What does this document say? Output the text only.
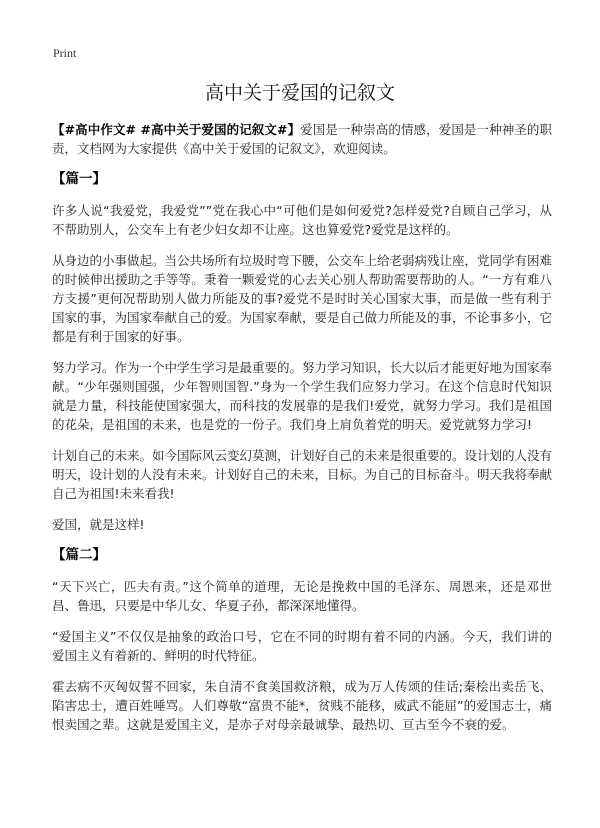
Print
高中关于爱国的记叙文

【#高中作文# #高中关于爱国的记叙文#】爱国是一种崇高的情感，爱国是一种神圣的职责，文档网为大家提供《高中关于爱国的记叙文》，欢迎阅读。

【篇一】

许多人说“我爱党，我爱党””党在我心中“可他们是如何爱党?怎样爱党?自顾自己学习，从不帮助别人，公交车上有老少妇女却不让座。这也算爱党?爱党是这样的。

从身边的小事做起。当公共场所有垃圾时弯下腰，公交车上给老弱病残让座，党同学有困难的时候伸出援助之手等等。秉着一颗爱党的心去关心别人帮助需要帮助的人。“一方有难八方支援”更何况帮助别人做力所能及的事?爱党不是时时关心国家大事，而是做一些有利于国家的事，为国家奉献自己的爱。为国家奉献，要是自己做力所能及的事，不论事多小，它都是有利于国家的好事。

努力学习。作为一个中学生学习是最重要的。努力学习知识，长大以后才能更好地为国家奉献。“少年强则国强，少年智则国智.”身为一个学生我们应努力学习。在这个信息时代知识就是力量，科技能使国家强大，而科技的发展靠的是我们!爱党，就努力学习。我们是祖国的花朵，是祖国的未来，也是党的一份子。我们身上肩负着党的明天。爱党就努力学习!

计划自己的未来。如今国际风云变幻莫测，计划好自己的未来是很重要的。设计划的人没有明天，设计划的人没有未来。计划好自己的未来，目标。为自己的目标奋斗。明天我将奉献自己为祖国!未来看我!

爱国，就是这样!

【篇二】

“天下兴亡，匹夫有责。”这个简单的道理，无论是挽救中国的毛泽东、周恩来，还是邓世昌、鲁迅，只要是中华儿女、华夏子孙，都深深地懂得。

“爱国主义”不仅仅是抽象的政治口号，它在不同的时期有着不同的内涵。今天，我们讲的爱国主义有着新的、鲜明的时代特征。

霍去病不灭匈奴誓不回家，朱自清不食美国救济粮，成为万人传颂的佳话;秦桧出卖岳飞、陷害忠士，遭百姓唾骂。人们尊敬“富贵不能*，贫贱不能移，威武不能屈”的爱国志士，痛恨卖国之辈。这就是爱国主义，是赤子对母亲最诚挚、最热切、亘古至今不衰的爱。
